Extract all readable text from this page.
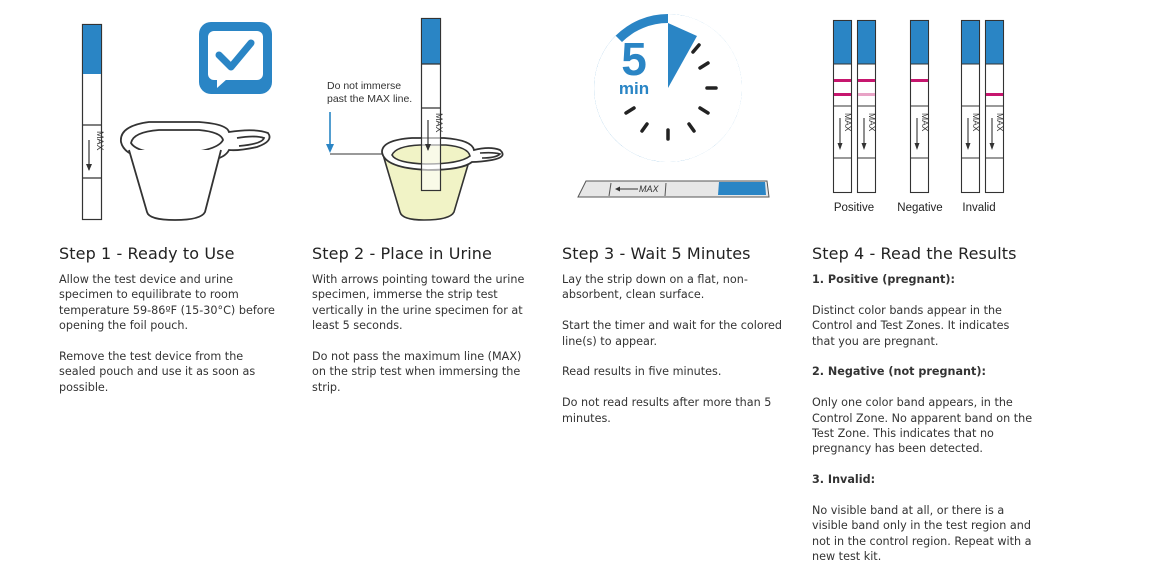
MAX
Step 1 - Ready to Use

Allow the test device and urine specimen to equilibrate to room temperature 59-86ºF (15-30°C) before opening the foil pouch.

Remove the test device from the sealed pouch and use it as soon as possible.

Do not immerse
past the MAX line.
MAX
Step 2 - Place in Urine

With arrows pointing toward the urine specimen, immerse the strip test vertically in the urine specimen for at least 5 seconds.

Do not pass the maximum line (MAX) on the strip test when immersing the strip.

5
min
MAX
Step 3 - Wait 5 Minutes

Lay the strip down on a flat, non-absorbent, clean surface.

Start the timer and wait for the colored line(s) to appear.

Read results in five minutes.

Do not read results after more than 5 minutes.

MAX MAX	MAX	MAX MAX
Positive Negative Invalid
Step 4 - Read the Results

1. Positive (pregnant):

Distinct color bands appear in the Control and Test Zones. It indicates that you are pregnant.

2. Negative (not pregnant):

Only one color band appears, in the Control Zone. No apparent band on the Test Zone. This indicates that no pregnancy has been detected.

3. Invalid:

No visible band at all, or there is a visible band only in the test region and not in the control region. Repeat with a new test kit.
